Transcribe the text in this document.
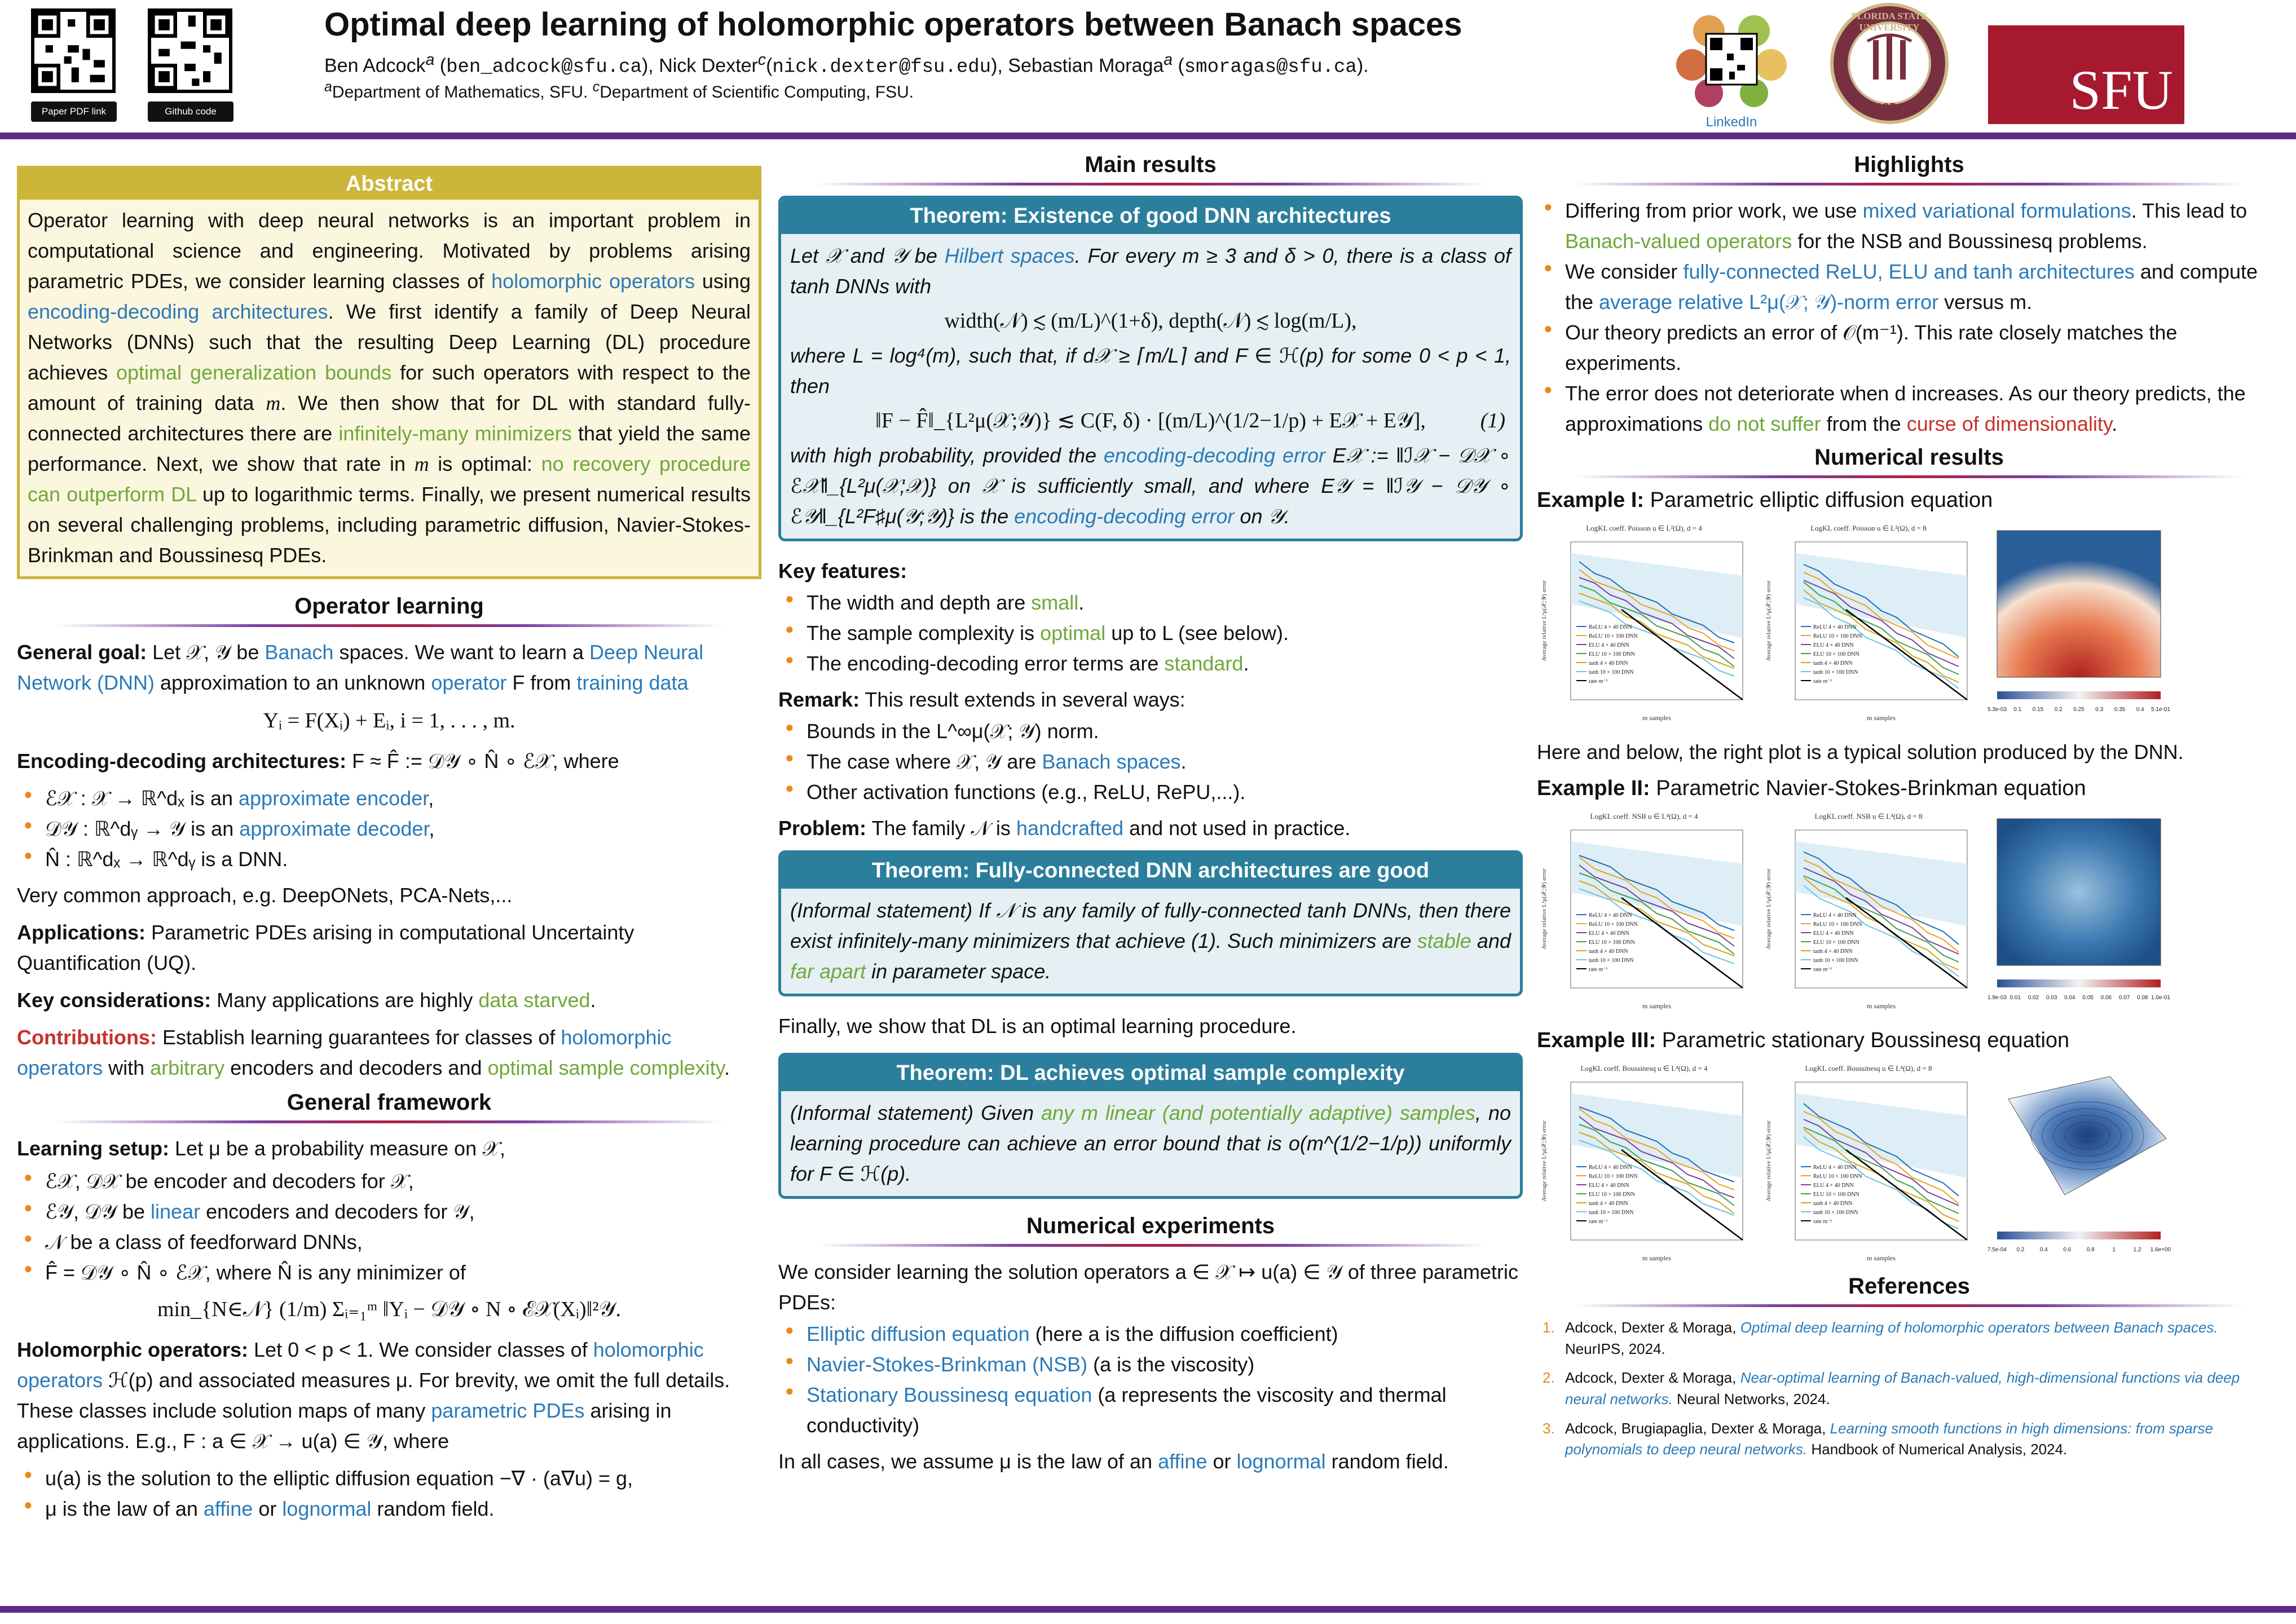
Paper PDF link	Github code
Optimal deep learning of holomorphic operators between Banach spaces
Ben Adcock$^a$ (ben_adcock@sfu.ca), Nick Dexter$^c$(nick.dexter@fsu.edu), Sebastian Moraga$^a$ (smoragas@sfu.ca).
$^a$Department of Mathematics, SFU. $^c$Department of Scientific Computing, FSU.
LinkedIn
FLORIDA STATE UNIVERSITY
1851	SFU
Abstract
Operator learning with deep neural networks is an important problem in computational science and engineering. Motivated by problems arising parametric PDEs, we consider learning classes of holomorphic operators using encoding-decoding architectures. We first identify a family of Deep Neural Networks (DNNs) such that the resulting Deep Learning (DL) procedure achieves optimal generalization bounds for such operators with respect to the amount of training data m. We then show that for DL with standard fully-connected architectures there are infinitely-many minimizers that yield the same performance. Next, we show that rate in m is optimal: no recovery procedure can outperform DL up to logarithmic terms. Finally, we present numerical results on several challenging problems, including parametric diffusion, Navier-Stokes-Brinkman and Boussinesq PDEs.
Operator learning

General goal: Let 𝒳, 𝒴 be Banach spaces. We want to learn a Deep Neural Network (DNN) approximation to an unknown operator F from training data

Yᵢ = F(Xᵢ) + Eᵢ, i = 1, . . . , m.

Encoding-decoding architectures: F ≈ F̂ := 𝒟𝒴 ∘ N̂ ∘ ℰ𝒳, where

● ℰ𝒳 : 𝒳 → ℝ^dₓ is an approximate encoder,
● 𝒟𝒴 : ℝ^dᵧ → 𝒴 is an approximate decoder,
● N̂ : ℝ^dₓ → ℝ^dᵧ is a DNN.

Very common approach, e.g. DeepONets, PCA-Nets,...

Applications: Parametric PDEs arising in computational Uncertainty Quantification (UQ).

Key considerations: Many applications are highly data starved.

Contributions: Establish learning guarantees for classes of holomorphic operators with arbitrary encoders and decoders and optimal sample complexity.

General framework

Learning setup: Let μ be a probability measure on 𝒳,

● ℰ𝒳, 𝒟𝒳 be encoder and decoders for 𝒳,
● ℰ𝒴, 𝒟𝒴 be linear encoders and decoders for 𝒴,
● 𝒩 be a class of feedforward DNNs,
● F̂ = 𝒟𝒴 ∘ N̂ ∘ ℰ𝒳, where N̂ is any minimizer of
min_{N∈𝒩} (1/m) Σᵢ₌₁ᵐ ‖Yᵢ − 𝒟𝒴 ∘ N ∘ ℰ𝒳(Xᵢ)‖²𝒴.

Holomorphic operators: Let 0 < p < 1. We consider classes of holomorphic operators ℋ(p) and associated measures μ. For brevity, we omit the full details. These classes include solution maps of many parametric PDEs arising in applications. E.g., F : a ∈ 𝒳 → u(a) ∈ 𝒴, where

● u(a) is the solution to the elliptic diffusion equation −∇ · (a∇u) = g,
● μ is the law of an affine or lognormal random field.
Main results
Theorem: Existence of good DNN architectures
Let 𝒳 and 𝒴 be Hilbert spaces. For every m ≥ 3 and δ > 0, there is a class of tanh DNNs with
width(𝒩) ≲ (m/L)^(1+δ), depth(𝒩) ≲ log(m/L),
where L = log⁴(m), such that, if d𝒳 ≥ ⌈m/L⌉ and F ∈ ℋ(p) for some 0 < p < 1, then
‖F − F̂‖_{L²μ(𝒳;𝒴)} ≲ C(F, δ) · [(m/L)^(1/2−1/p) + E𝒳 + E𝒴],	(1)
with high probability, provided the encoding-decoding error E𝒳 := ‖ℐ𝒳 − 𝒟𝒳 ∘ ℰ𝒳‖_{L²μ(𝒳;𝒳)} on 𝒳 is sufficiently small, and where E𝒴 = ‖ℐ𝒴 − 𝒟𝒴 ∘ ℰ𝒴‖_{L²F♯μ(𝒴;𝒴)} is the encoding-decoding error on 𝒴.

Key features:

● The width and depth are small.
● The sample complexity is optimal up to L (see below).
● The encoding-decoding error terms are standard.

Remark: This result extends in several ways:

● Bounds in the L^∞μ(𝒳; 𝒴) norm.
● The case where 𝒳, 𝒴 are Banach spaces.
● Other activation functions (e.g., ReLU, RePU,...).

Problem: The family 𝒩 is handcrafted and not used in practice.

Theorem: Fully-connected DNN architectures are good
(Informal statement) If 𝒩 is any family of fully-connected tanh DNNs, then there exist infinitely-many minimizers that achieve (1). Such minimizers are stable and far apart in parameter space.

Finally, we show that DL is an optimal learning procedure.

Theorem: DL achieves optimal sample complexity
(Informal statement) Given any m linear (and potentially adaptive) samples, no learning procedure can achieve an error bound that is o(m^(1/2−1/p)) uniformly for F ∈ ℋ(p).
Numerical experiments

We consider learning the solution operators a ∈ 𝒳 ↦ u(a) ∈ 𝒴 of three parametric PDEs:

● Elliptic diffusion equation (here a is the diffusion coefficient)
● Navier-Stokes-Brinkman (NSB) (a is the viscosity)
● Stationary Boussinesq equation (a represents the viscosity and thermal conductivity)

In all cases, we assume μ is the law of an affine or lognormal random field.

Highlights
● Differing from prior work, we use mixed variational formulations. This lead to Banach-valued operators for the NSB and Boussinesq problems.
● We consider fully-connected ReLU, ELU and tanh architectures and compute the average relative L²μ(𝒳; 𝒴)-norm error versus m.
● Our theory predicts an error of 𝒪(m⁻¹). This rate closely matches the experiments.
● The error does not deteriorate when d increases. As our theory predicts, the approximations do not suffer from the curse of dimensionality.
Numerical results
Example I: Parametric elliptic diffusion equation
LogKL coeff. Poisson u ∈ L²(Ω), d = 4
ReLU 4 × 40 DNN
ReLU 10 × 100 DNN
ELU 4 × 40 DNN
ELU 10 × 100 DNN
tanh 4 × 40 DNN
tanh 10 × 100 DNN
rate m⁻¹
m samples
Average relative L²μ(𝒳;𝒴) error
LogKL coeff. Poisson u ∈ L²(Ω), d = 8
ReLU 4 × 40 DNN
ReLU 10 × 100 DNN
ELU 4 × 40 DNN
ELU 10 × 100 DNN
tanh 4 × 40 DNN
tanh 10 × 100 DNN
rate m⁻¹
m samples
Average relative L²μ(𝒳;𝒴) error
5.3e-03 0.1 0.15 0.2 0.25 0.3 0.35 0.4 5.1e-01

Here and below, the right plot is a typical solution produced by the DNN.

Example II: Parametric Navier-Stokes-Brinkman equation
LogKL coeff. NSB u ∈ L⁴(Ω), d = 4
ReLU 4 × 40 DNN
ReLU 10 × 100 DNN
ELU 4 × 40 DNN
ELU 10 × 100 DNN
tanh 4 × 40 DNN
tanh 10 × 100 DNN
rate m⁻¹
m samples
Average relative L²μ(𝒳;𝒴) error
LogKL coeff. NSB u ∈ L⁴(Ω), d = 8
ReLU 4 × 40 DNN
ReLU 10 × 100 DNN
ELU 4 × 40 DNN
ELU 10 × 100 DNN
tanh 4 × 40 DNN
tanh 10 × 100 DNN
rate m⁻¹
m samples
Average relative L²μ(𝒳;𝒴) error
1.9e-03 0.01 0.02 0.03 0.04 0.05 0.06 0.07 0.08 1.0e-01
Example III: Parametric stationary Boussinesq equation
LogKL coeff. Boussinesq u ∈ L⁴(Ω), d = 4
ReLU 4 × 40 DNN
ReLU 10 × 100 DNN
ELU 4 × 40 DNN
ELU 10 × 100 DNN
tanh 4 × 40 DNN
tanh 10 × 100 DNN
rate m⁻¹
m samples
Average relative L²μ(𝒳;𝒴) error
LogKL coeff. Boussinesq u ∈ L⁴(Ω), d = 8
ReLU 4 × 40 DNN
ReLU 10 × 100 DNN
ELU 4 × 40 DNN
ELU 10 × 100 DNN
tanh 4 × 40 DNN
tanh 10 × 100 DNN
rate m⁻¹
m samples
Average relative L²μ(𝒳;𝒴) error
7.5e-04 0.2	0.4	0.6	0.8	1	1.2 1.6e+00
References
1. Adcock, Dexter & Moraga, Optimal deep learning of holomorphic operators between Banach spaces. NeurIPS, 2024.
2. Adcock, Dexter & Moraga, Near-optimal learning of Banach-valued, high-dimensional functions via deep neural networks. Neural Networks, 2024.
3. Adcock, Brugiapaglia, Dexter & Moraga, Learning smooth functions in high dimensions: from sparse polynomials to deep neural networks. Handbook of Numerical Analysis, 2024.
